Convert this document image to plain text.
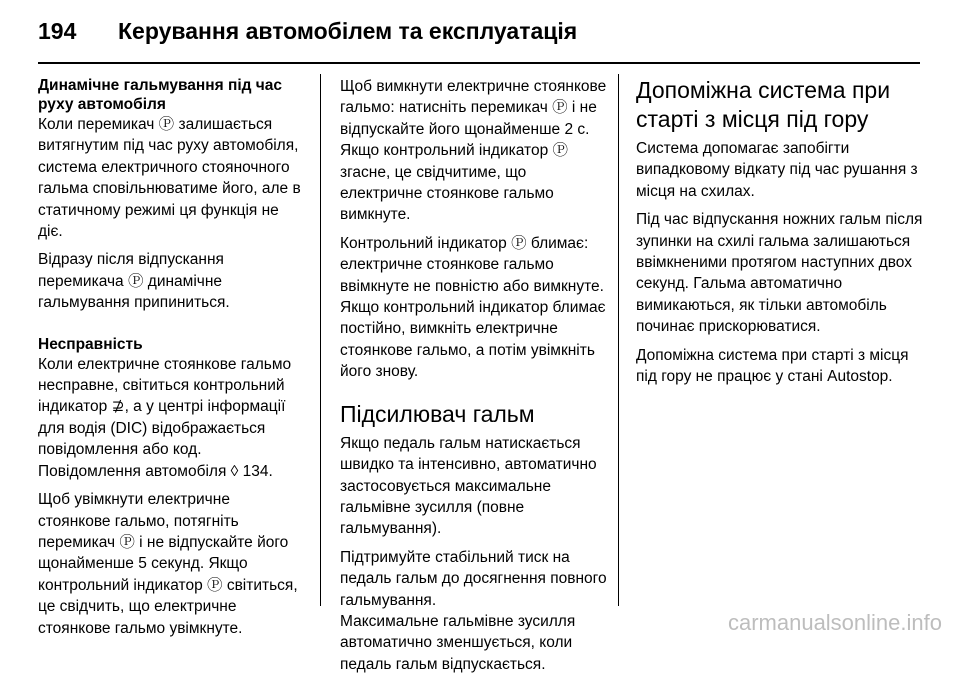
194 Керування автомобілем та експлуатація
Динамічне гальмування під час руху автомобіля

Коли перемикач Ⓟ залишається витягнутим під час руху автомобіля, система електричного стояночного гальма сповільнюватиме його, але в статичному режимі ця функція не діє.

Відразу після відпускання перемикача Ⓟ динамічне гальмування припиниться.

Несправність

Коли електричне стоянкове гальмо несправне, світиться контрольний індикатор ⊉, а у центрі інформації для водія (DIC) відображається повідомлення або код.

Повідомлення автомобіля ◊ 134.

Щоб увімкнути електричне стоянкове гальмо, потягніть перемикач Ⓟ і не відпускайте його щонайменше 5 секунд. Якщо контрольний індикатор Ⓟ світиться, це свідчить, що електричне стоянкове гальмо увімкнуте.

Щоб вимкнути електричне стоянкове гальмо: натисніть перемикач Ⓟ і не відпускайте його щонайменше 2 с. Якщо контрольний індикатор Ⓟ згасне, це свідчитиме, що електричне стоянкове гальмо вимкнуте.

Контрольний індикатор Ⓟ блимає: електричне стоянкове гальмо ввімкнуте не повністю або вимкнуте. Якщо контрольний індикатор блимає постійно, вимкніть електричне стоянкове гальмо, а потім увімкніть його знову.

Підсилювач гальм

Якщо педаль гальм натискається швидко та інтенсивно, автоматично застосовується максимальне гальмівне зусилля (повне гальмування).

Підтримуйте стабільний тиск на педаль гальм до досягнення повного гальмування.

Максимальне гальмівне зусилля автоматично зменшується, коли педаль гальм відпускається.

Допоміжна система при старті з місця під гору

Система допомагає запобігти випадковому відкату під час рушання з місця на схилах.

Під час відпускання ножних гальм після зупинки на схилі гальма залишаються ввімкненими протягом наступних двох секунд. Гальма автоматично вимикаються, як тільки автомобіль починає прискорюватися.

Допоміжна система при старті з місця під гору не працює у стані Autostop.

carmanualsonline.info
